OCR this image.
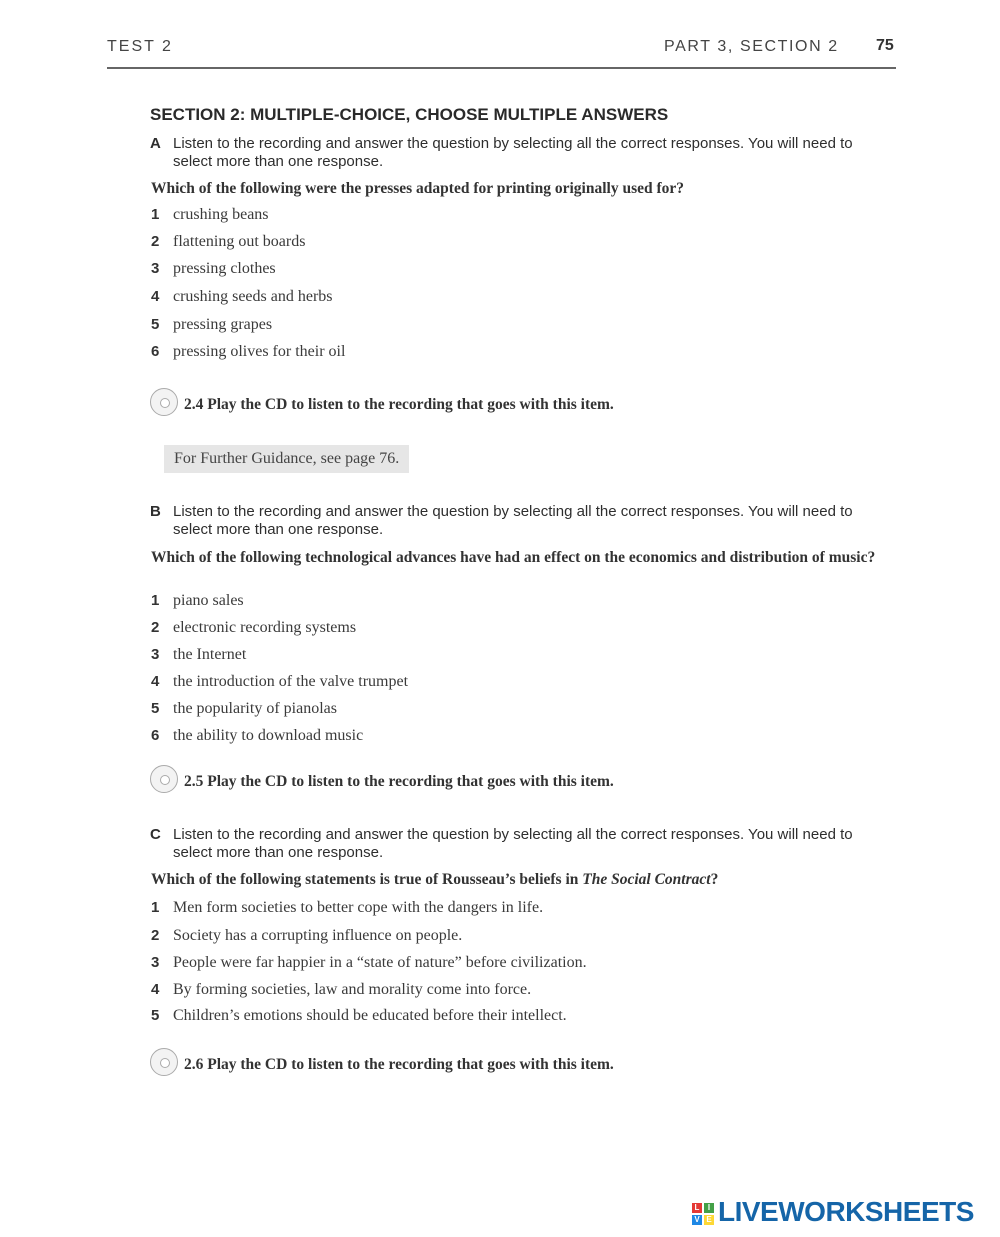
TEST 2	PART 3, SECTION 2 75
SECTION 2: MULTIPLE-CHOICE, CHOOSE MULTIPLE ANSWERS
A Listen to the recording and answer the question by selecting all the correct responses. You will need to select more than one response.
Which of the following were the presses adapted for printing originally used for?
1 crushing beans
2 flattening out boards
3 pressing clothes
4 crushing seeds and herbs
5 pressing grapes
6 pressing olives for their oil
2.4 Play the CD to listen to the recording that goes with this item.
For Further Guidance, see page 76.
B Listen to the recording and answer the question by selecting all the correct responses. You will need to select more than one response.
Which of the following technological advances have had an effect on the economics and distribution of music?
1 piano sales
2 electronic recording systems
3 the Internet
4 the introduction of the valve trumpet
5 the popularity of pianolas
6 the ability to download music
2.5 Play the CD to listen to the recording that goes with this item.
C Listen to the recording and answer the question by selecting all the correct responses. You will need to select more than one response.
Which of the following statements is true of Rousseau’s beliefs in The Social Contract?
1 Men form societies to better cope with the dangers in life.
2 Society has a corrupting influence on people.
3 People were far happier in a “state of nature” before civilization.
4 By forming societies, law and morality come into force.
5 Children’s emotions should be educated before their intellect.
2.6 Play the CD to listen to the recording that goes with this item.
L	I
V E LIVEWORKSHEETS
